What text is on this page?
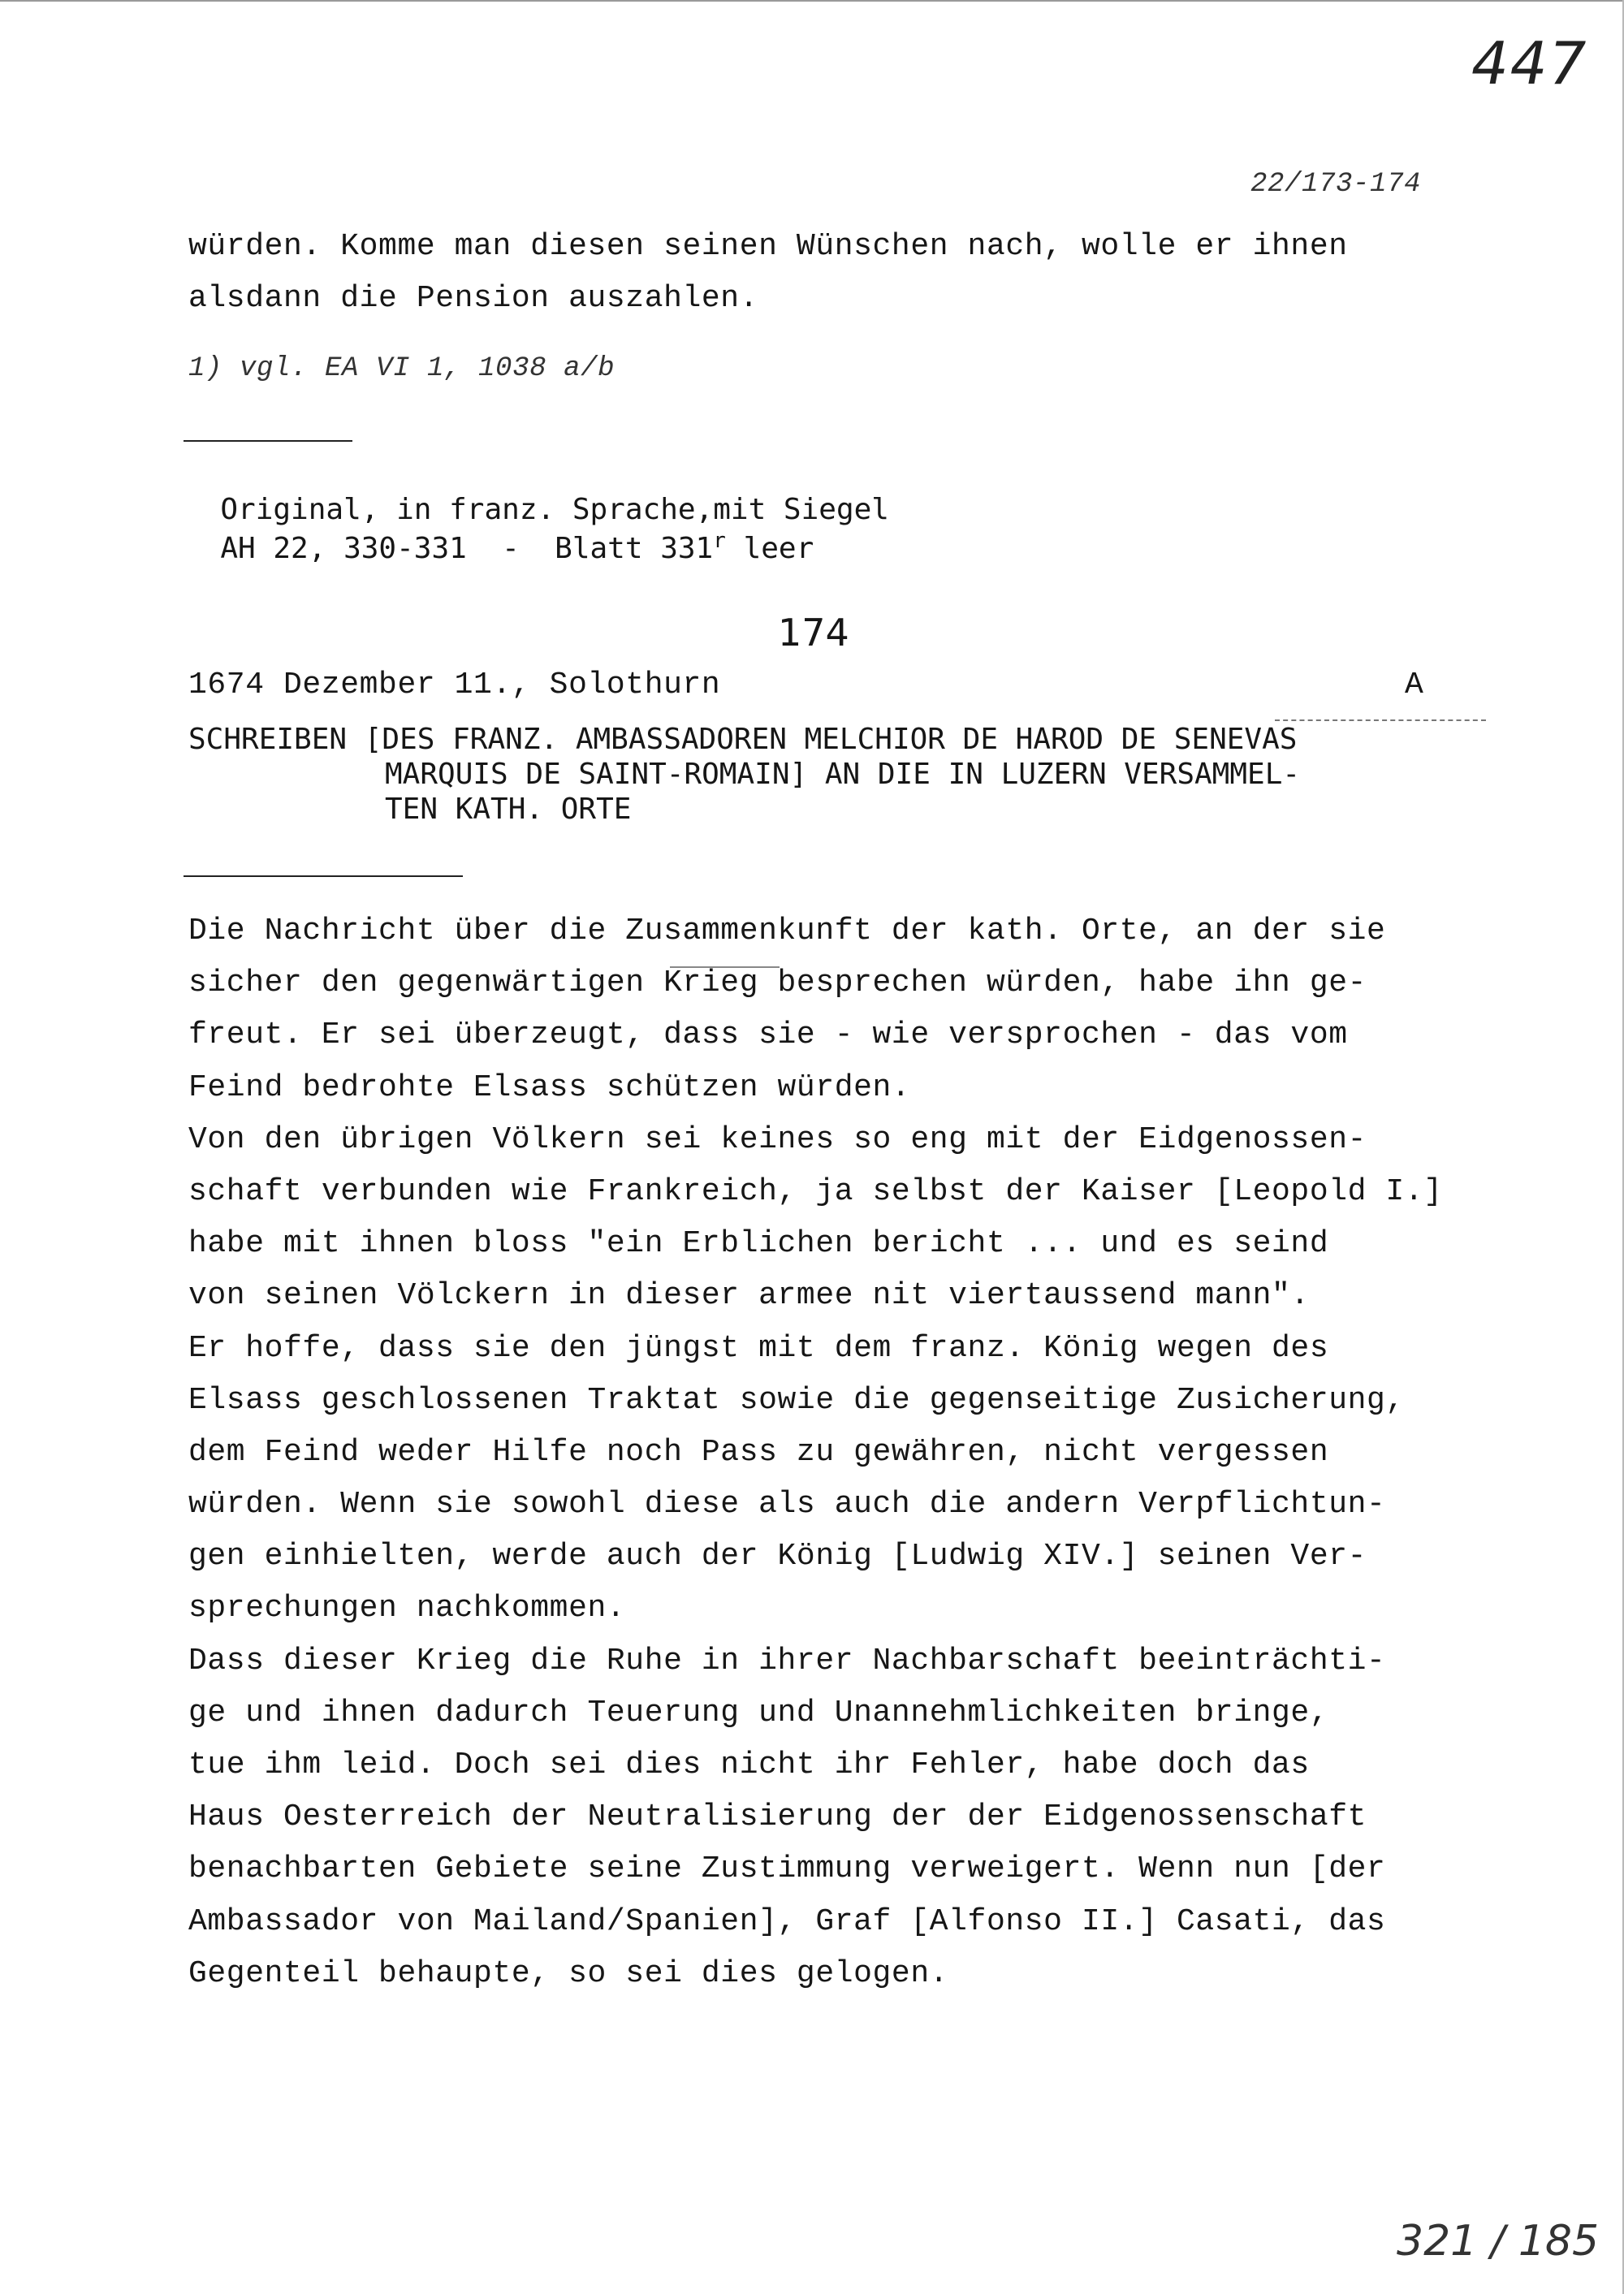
447
22/173-174
würden. Komme man diesen seinen Wünschen nach, wolle er ihnen
alsdann die Pension auszahlen.
1) vgl. EA VI 1, 1038 a/b

Original, in franz. Sprache,mit Siegel

AH 22, 330-331  -  Blatt 331$^r$ leer

174
1674 Dezember 11., Solothurn	A
SCHREIBEN [DES FRANZ. AMBASSADOREN MELCHIOR DE HAROD DE SENEVAS
MARQUIS DE SAINT-ROMAIN] AN DIE IN LUZERN VERSAMMEL-
TEN KATH. ORTE
Die Nachricht über die Zusammenkunft der kath. Orte, an der sie
sicher den gegenwärtigen Krieg besprechen würden, habe ihn ge-
freut. Er sei überzeugt, dass sie - wie versprochen - das vom
Feind bedrohte Elsass schützen würden.
Von den übrigen Völkern sei keines so eng mit der Eidgenossen-
schaft verbunden wie Frankreich, ja selbst der Kaiser [Leopold I.]
habe mit ihnen bloss "ein Erblichen bericht ... und es seind
von seinen Völckern in dieser armee nit viertaussend mann".
Er hoffe, dass sie den jüngst mit dem franz. König wegen des
Elsass geschlossenen Traktat sowie die gegenseitige Zusicherung,
dem Feind weder Hilfe noch Pass zu gewähren, nicht vergessen
würden. Wenn sie sowohl diese als auch die andern Verpflichtun-
gen einhielten, werde auch der König [Ludwig XIV.] seinen Ver-
sprechungen nachkommen.
Dass dieser Krieg die Ruhe in ihrer Nachbarschaft beeinträchti-
ge und ihnen dadurch Teuerung und Unannehmlichkeiten bringe,
tue ihm leid. Doch sei dies nicht ihr Fehler, habe doch das
Haus Oesterreich der Neutralisierung der der Eidgenossenschaft
benachbarten Gebiete seine Zustimmung verweigert. Wenn nun [der
Ambassador von Mailand/Spanien], Graf [Alfonso II.] Casati, das
Gegenteil behaupte, so sei dies gelogen.
321 / 185
